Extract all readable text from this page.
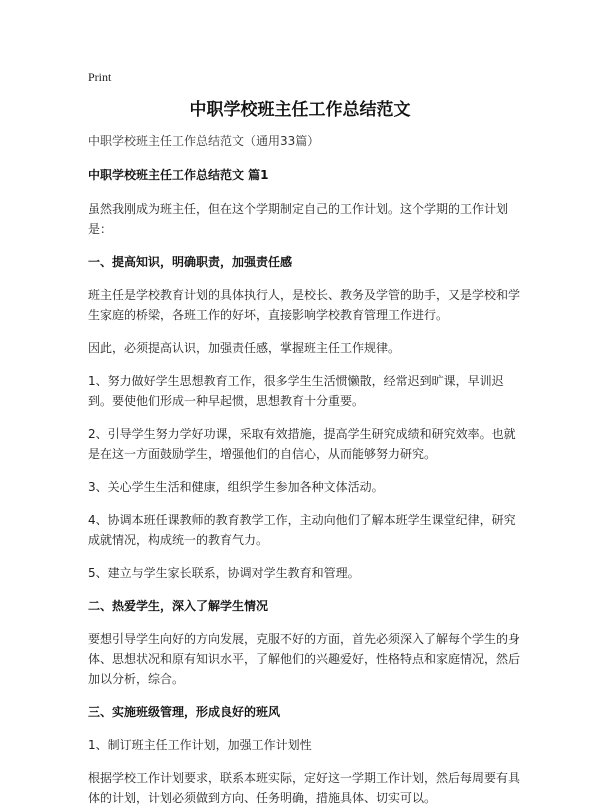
Print
中职学校班主任工作总结范文

中职学校班主任工作总结范文（通用33篇）

中职学校班主任工作总结范文 篇1

虽然我刚成为班主任，但在这个学期制定自己的工作计划。这个学期的工作计划是：

一、提高知识，明确职责，加强责任感

班主任是学校教育计划的具体执行人，是校长、教务及学管的助手，又是学校和学生家庭的桥梁，各班工作的好坏，直接影响学校教育管理工作进行。

因此，必须提高认识，加强责任感，掌握班主任工作规律。

1、努力做好学生思想教育工作，很多学生生活惯懒散，经常迟到旷课，早训迟到。要使他们形成一种早起惯，思想教育十分重要。

2、引导学生努力学好功课，采取有效措施，提高学生研究成绩和研究效率。也就是在这一方面鼓励学生，增强他们的自信心，从而能够努力研究。

3、关心学生生活和健康，组织学生参加各种文体活动。

4、协调本班任课教师的教育教学工作，主动向他们了解本班学生课堂纪律，研究成就情况，构成统一的教育气力。

5、建立与学生家长联系，协调对学生教育和管理。

二、热爱学生，深入了解学生情况

要想引导学生向好的方向发展，克服不好的方面，首先必须深入了解每个学生的身体、思想状况和原有知识水平，了解他们的兴趣爱好，性格特点和家庭情况，然后加以分析，综合。

三、实施班级管理，形成良好的班风

1、制订班主任工作计划，加强工作计划性

根据学校工作计划要求，联系本班实际，定好这一学期工作计划，然后每周要有具体的计划，计划必须做到方向、任务明确，措施具体、切实可以。
